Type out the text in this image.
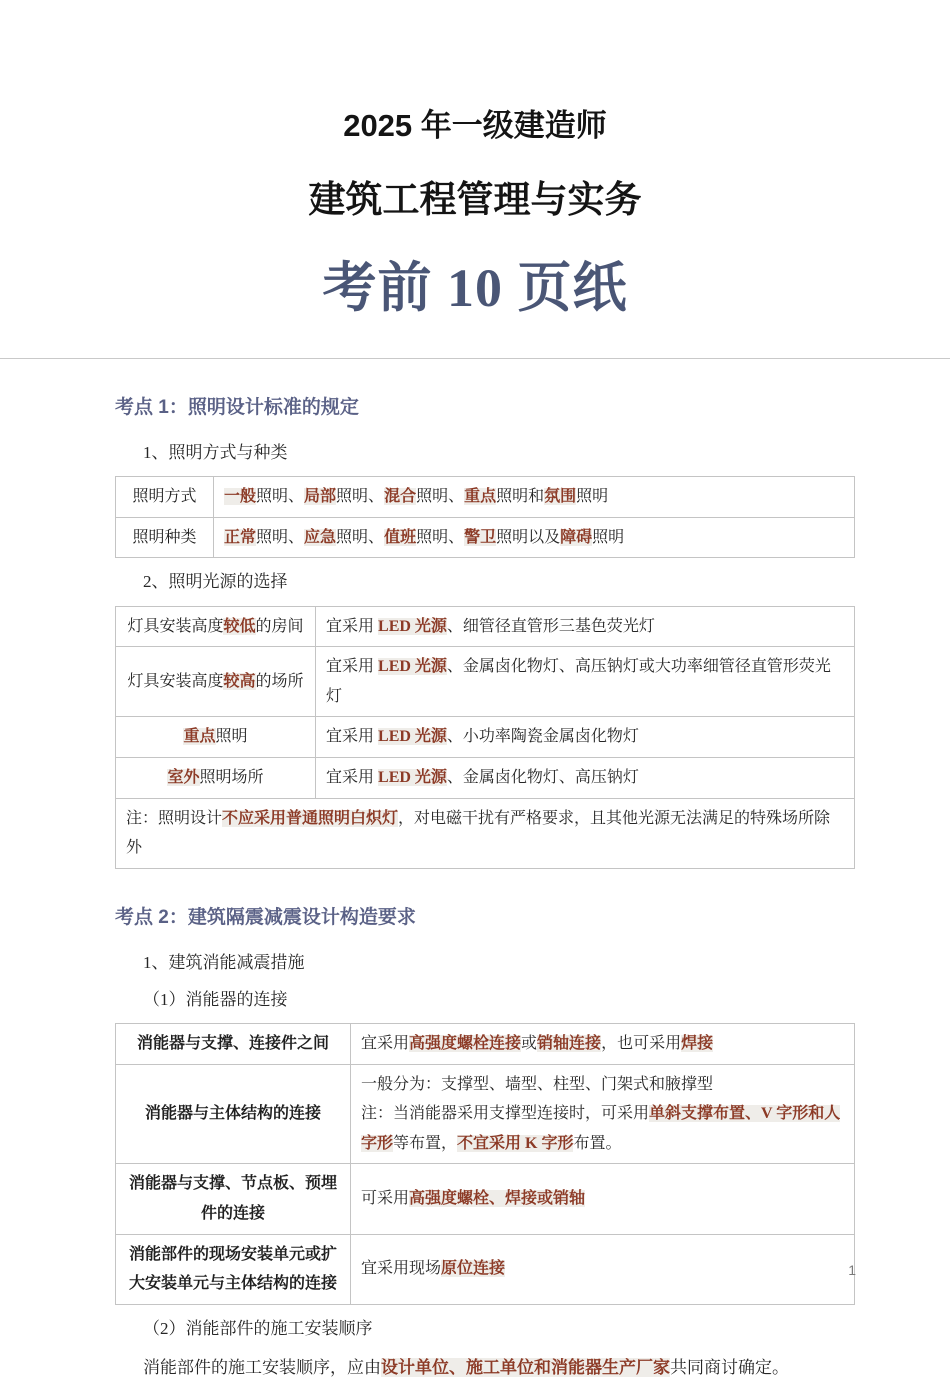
2025 年一级建造师
建筑工程管理与实务
考前 10 页纸
考点 1：照明设计标准的规定
1、照明方式与种类
照明方式	一般照明、局部照明、混合照明、重点照明和氛围照明

照明种类	正常照明、应急照明、值班照明、警卫照明以及障碍照明
2、照明光源的选择
灯具安装高度较低的房间	宜采用 LED 光源、细管径直管形三基色荧光灯

灯具安装高度较高的场所	宜采用 LED 光源、金属卤化物灯、高压钠灯或大功率细管径直管形荧光灯

重点照明	宜采用 LED 光源、小功率陶瓷金属卤化物灯

室外照明场所	宜采用 LED 光源、金属卤化物灯、高压钠灯

注：照明设计不应采用普通照明白炽灯，对电磁干扰有严格要求，且其他光源无法满足的特殊场所除外	
考点 2：建筑隔震减震设计构造要求
1、建筑消能减震措施
（1）消能器的连接
消能器与支撑、连接件之间	宜采用高强度螺栓连接或销轴连接，也可采用焊接

消能器与主体结构的连接	一般分为：支撑型、墙型、柱型、门架式和腋撑型
注：当消能器采用支撑型连接时，可采用单斜支撑布置、V 字形和人字形等布置，不宜采用 K 字形布置。

消能器与支撑、节点板、预埋件的连接	可采用高强度螺栓、焊接或销轴

消能部件的现场安装单元或扩大安装单元与主体结构的连接	宜采用现场原位连接
（2）消能部件的施工安装顺序
消能部件的施工安装顺序，应由设计单位、施工单位和消能器生产厂家共同商讨确定。
1
